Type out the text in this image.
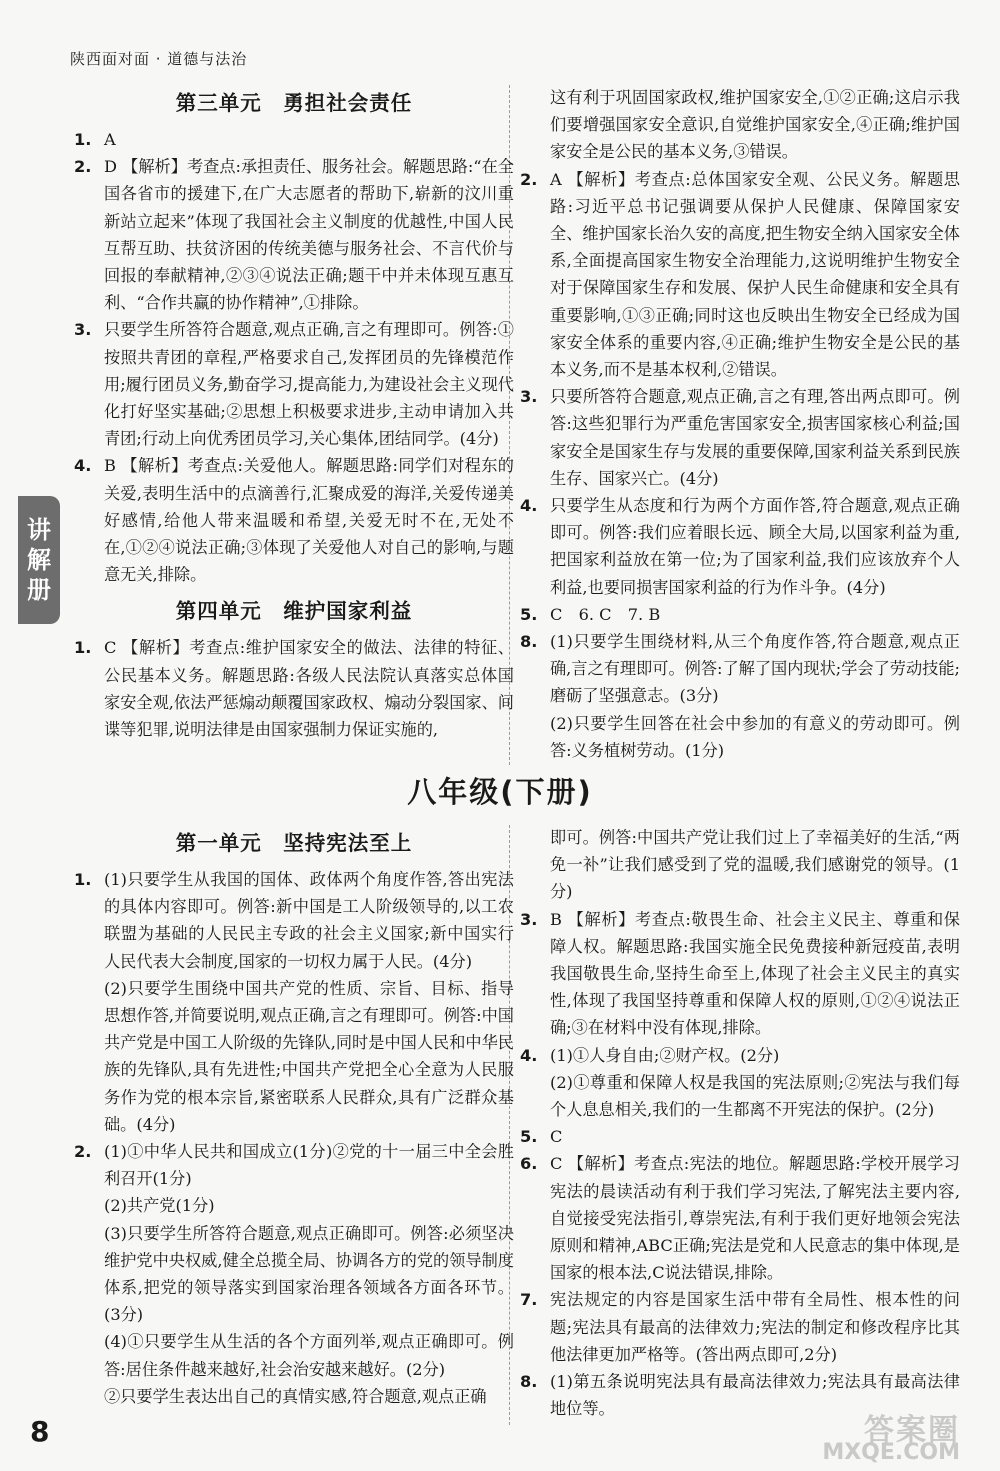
陕西面对面 · 道德与法治
讲
解
册
第三单元　勇担社会责任
1. A
2. D 【解析】考查点:承担责任、服务社会。解题思路:“在全国各省市的援建下,在广大志愿者的帮助下,崭新的汶川重新站立起来”体现了我国社会主义制度的优越性,中国人民互帮互助、扶贫济困的传统美德与服务社会、不言代价与回报的奉献精神,②③④说法正确;题干中并未体现互惠互利、“合作共赢的协作精神”,①排除。
3. 只要学生所答符合题意,观点正确,言之有理即可。例答:①按照共青团的章程,严格要求自己,发挥团员的先锋模范作用;履行团员义务,勤奋学习,提高能力,为建设社会主义现代化打好坚实基础;②思想上积极要求进步,主动申请加入共青团;行动上向优秀团员学习,关心集体,团结同学。(4分)
4. B 【解析】考查点:关爱他人。解题思路:同学们对程东的关爱,表明生活中的点滴善行,汇聚成爱的海洋,关爱传递美好感情,给他人带来温暖和希望,关爱无时不在,无处不在,①②④说法正确;③体现了关爱他人对自己的影响,与题意无关,排除。
第四单元　维护国家利益
1. C 【解析】考查点:维护国家安全的做法、法律的特征、公民基本义务。解题思路:各级人民法院认真落实总体国家安全观,依法严惩煽动颠覆国家政权、煽动分裂国家、间谍等犯罪,说明法律是由国家强制力保证实施的,
这有利于巩固国家政权,维护国家安全,①②正确;这启示我们要增强国家安全意识,自觉维护国家安全,④正确;维护国家安全是公民的基本义务,③错误。
2. A 【解析】考查点:总体国家安全观、公民义务。解题思路:习近平总书记强调要从保护人民健康、保障国家安全、维护国家长治久安的高度,把生物安全纳入国家安全体系,全面提高国家生物安全治理能力,这说明维护生物安全对于保障国家生存和发展、保护人民生命健康和安全具有重要影响,①③正确;同时这也反映出生物安全已经成为国家安全体系的重要内容,④正确;维护生物安全是公民的基本义务,而不是基本权利,②错误。
3. 只要所答符合题意,观点正确,言之有理,答出两点即可。例答:这些犯罪行为严重危害国家安全,损害国家核心利益;国家安全是国家生存与发展的重要保障,国家利益关系到民族生存、国家兴亡。(4分)
4. 只要学生从态度和行为两个方面作答,符合题意,观点正确即可。例答:我们应着眼长远、顾全大局,以国家利益为重,把国家利益放在第一位;为了国家利益,我们应该放弃个人利益,也要同损害国家利益的行为作斗争。(4分)
5. C　6. C　7. B
8. (1)只要学生围绕材料,从三个角度作答,符合题意,观点正确,言之有理即可。例答:了解了国内现状;学会了劳动技能;磨砺了坚强意志。(3分)
(2)只要学生回答在社会中参加的有意义的劳动即可。例答:义务植树劳动。(1分)
八年级(下册)
第一单元　坚持宪法至上
1. (1)只要学生从我国的国体、政体两个角度作答,答出宪法的具体内容即可。例答:新中国是工人阶级领导的,以工农联盟为基础的人民民主专政的社会主义国家;新中国实行人民代表大会制度,国家的一切权力属于人民。(4分)
(2)只要学生围绕中国共产党的性质、宗旨、目标、指导思想作答,并简要说明,观点正确,言之有理即可。例答:中国共产党是中国工人阶级的先锋队,同时是中国人民和中华民族的先锋队,具有先进性;中国共产党把全心全意为人民服务作为党的根本宗旨,紧密联系人民群众,具有广泛群众基础。(4分)
2. (1)①中华人民共和国成立(1分)②党的十一届三中全会胜利召开(1分)
(2)共产党(1分)
(3)只要学生所答符合题意,观点正确即可。例答:必须坚决维护党中央权威,健全总揽全局、协调各方的党的领导制度体系,把党的领导落实到国家治理各领域各方面各环节。(3分)
(4)①只要学生从生活的各个方面列举,观点正确即可。例答:居住条件越来越好,社会治安越来越好。(2分)
②只要学生表达出自己的真情实感,符合题意,观点正确
即可。例答:中国共产党让我们过上了幸福美好的生活,“两免一补”让我们感受到了党的温暖,我们感谢党的领导。(1分)
3. B 【解析】考查点:敬畏生命、社会主义民主、尊重和保障人权。解题思路:我国实施全民免费接种新冠疫苗,表明我国敬畏生命,坚持生命至上,体现了社会主义民主的真实性,体现了我国坚持尊重和保障人权的原则,①②④说法正确;③在材料中没有体现,排除。
4. (1)①人身自由;②财产权。(2分)
(2)①尊重和保障人权是我国的宪法原则;②宪法与我们每个人息息相关,我们的一生都离不开宪法的保护。(2分)
5. C
6. C 【解析】考查点:宪法的地位。解题思路:学校开展学习宪法的晨读活动有利于我们学习宪法,了解宪法主要内容,自觉接受宪法指引,尊崇宪法,有利于我们更好地领会宪法原则和精神,ABC正确;宪法是党和人民意志的集中体现,是国家的根本法,C说法错误,排除。
7. 宪法规定的内容是国家生活中带有全局性、根本性的问题;宪法具有最高的法律效力;宪法的制定和修改程序比其他法律更加严格等。(答出两点即可,2分)
8. (1)第五条说明宪法具有最高法律效力;宪法具有最高法律地位等。
8	答案圈
MXQE.COM
